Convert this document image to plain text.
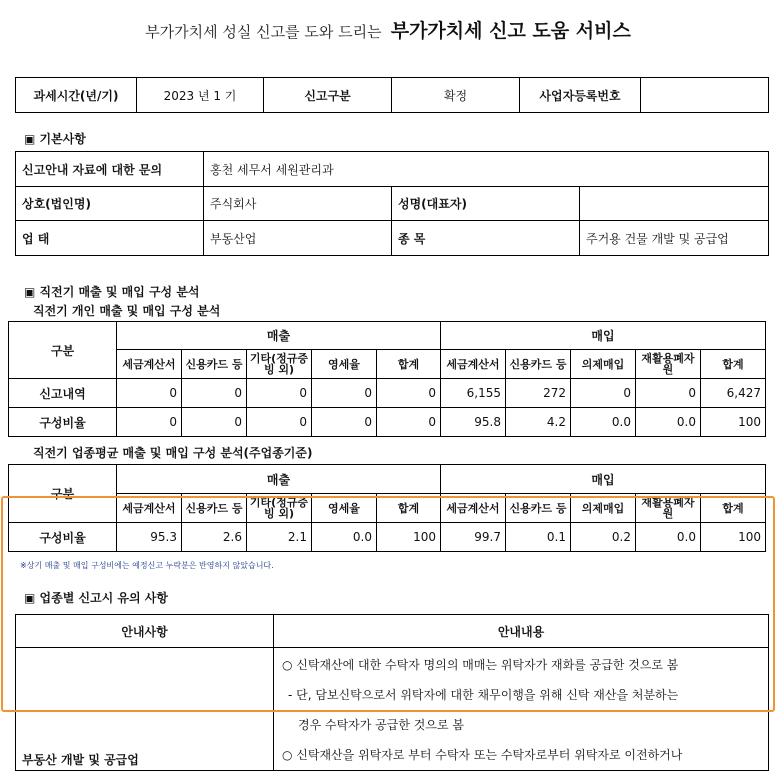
부가가치세 성실 신고를 도와 드리는 부가가치세 신고 도움 서비스
과세시간(년/기)	2023 년 1 기	신고구분	확정	사업자등록번호	
▣ 기본사항
신고안내 자료에 대한 문의	홍천 세무서 세원관리과		
상호(법인명)	주식회사	성명(대표자)	
업 태	부동산업	종 목	주거용 건물 개발 및 공급업
▣ 직전기 매출 및 매입 구성 분석
직전기 개인 매출 및 매입 구성 분석
구분	매출					매입				
	세금계산서	신용카드 등	기타(정규증빙 외)	영세율	합계	세금계산서	신용카드 등	의제매입	재활용폐자원	합계
신고내역	0	0	0	0	0	6,155	272	0	0	6,427
구성비율	0	0	0	0	0	95.8	4.2	0.0	0.0	100
직전기 업종평균 매출 및 매입 구성 분석(주업종기준)
구분	매출					매입				
	세금계산서	신용카드 등	기타(정규증빙 외)	영세율	합계	세금계산서	신용카드 등	의제매입	재활용폐자원	합계
구성비율	95.3	2.6	2.1	0.0	100	99.7	0.1	0.2	0.0	100
※상기 매출 및 매입 구성비에는 예정신고 누락분은 반영하지 않았습니다.
▣ 업종별 신고시 유의 사항
안내사항	안내내용
부동산 개발 및 공급업	○ 신탁재산에 대한 수탁자 명의의 매매는 위탁자가 재화를 공급한 것으로 봄
- 단, 담보신탁으로서 위탁자에 대한 채무이행을 위해 신탁 재산을 처분하는
경우 수탁자가 공급한 것으로 봄
○ 신탁재산을 위탁자로 부터 수탁자 또는 수탁자로부터 위탁자로 이전하거나
